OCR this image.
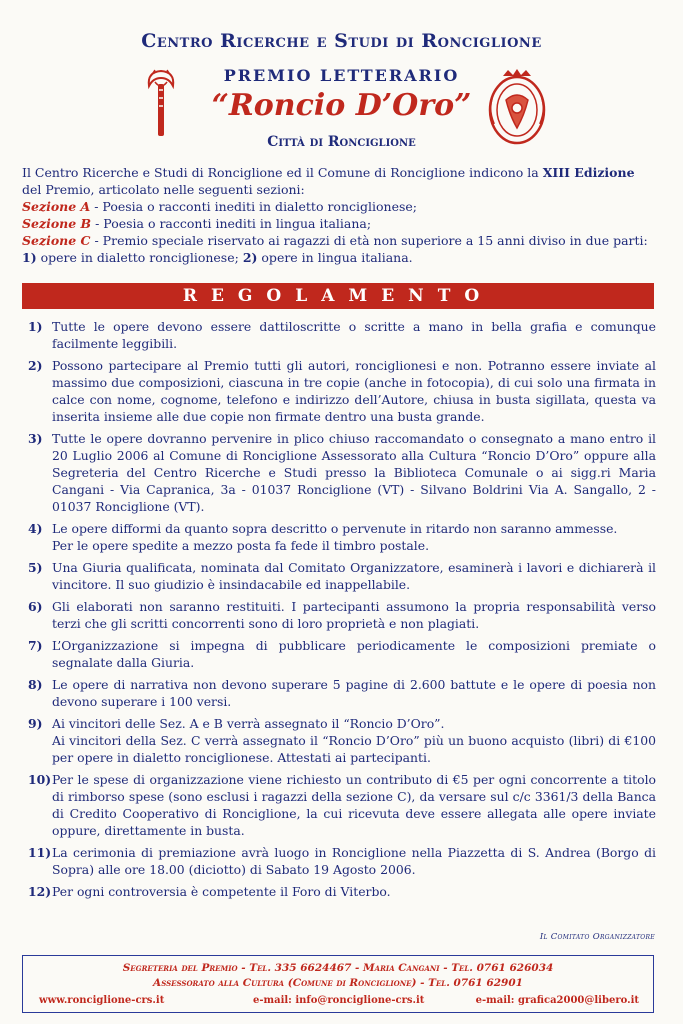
Centro Ricerche e Studi di Ronciglione
PREMIO LETTERARIO
“Roncio D’Oro”
Città di Ronciglione

Il Centro Ricerche e Studi di Ronciglione ed il Comune di Ronciglione indicono la XIII Edizione del Premio, articolato nelle seguenti sezioni:

Sezione A - Poesia o racconti inediti in dialetto ronciglionese;

Sezione B - Poesia o racconti inediti in lingua italiana;

Sezione C - Premio speciale riservato ai ragazzi di età non superiore a 15 anni diviso in due parti:

1) opere in dialetto ronciglionese; 2) opere in lingua italiana.

REGOLAMENTO
1) Tutte le opere devono essere dattiloscritte o scritte a mano in bella grafia e comunque facilmente leggibili.

2) Possono partecipare al Premio tutti gli autori, ronciglionesi e non. Potranno essere inviate al massimo due composizioni, ciascuna in tre copie (anche in fotocopia), di cui solo una firmata in calce con nome, cognome, telefono e indirizzo dell’Autore, chiusa in busta sigillata, questa va inserita insieme alle due copie non firmate dentro una busta grande.

3) Tutte le opere dovranno pervenire in plico chiuso raccomandato o consegnato a mano entro il 20 Luglio 2006 al Comune di Ronciglione Assessorato alla Cultura “Roncio D’Oro” oppure alla Segreteria del Centro Ricerche e Studi presso la Biblioteca Comunale o ai sigg.ri Maria Cangani - Via Capranica, 3a - 01037 Ronciglione (VT) - Silvano Boldrini Via A. Sangallo, 2 - 01037 Ronciglione (VT).

4) Le opere difformi da quanto sopra descritto o pervenute in ritardo non saranno ammesse.

Per le opere spedite a mezzo posta fa fede il timbro postale.

5) Una Giuria qualificata, nominata dal Comitato Organizzatore, esaminerà i lavori e dichiarerà il vincitore. Il suo giudizio è insindacabile ed inappellabile.

6) Gli elaborati non saranno restituiti. I partecipanti assumono la propria responsabilità verso terzi che gli scritti concorrenti sono di loro proprietà e non plagiati.

7) L’Organizzazione si impegna di pubblicare periodicamente le composizioni premiate o segnalate dalla Giuria.

8) Le opere di narrativa non devono superare 5 pagine di 2.600 battute e le opere di poesia non devono superare i 100 versi.

9) Ai vincitori delle Sez. A e B verrà assegnato il “Roncio D’Oro”.

Ai vincitori della Sez. C verrà assegnato il “Roncio D’Oro” più un buono acquisto (libri) di €100 per opere in dialetto ronciglionese. Attestati ai partecipanti.

10) Per le spese di organizzazione viene richiesto un contributo di €5 per ogni concorrente a titolo di rimborso spese (sono esclusi i ragazzi della sezione C), da versare sul c/c 3361/3 della Banca di Credito Cooperativo di Ronciglione, la cui ricevuta deve essere allegata alle opere inviate oppure, direttamente in busta.

11) La cerimonia di premiazione avrà luogo in Ronciglione nella Piazzetta di S. Andrea (Borgo di Sopra) alle ore 18.00 (diciotto) di Sabato 19 Agosto 2006.

12) Per ogni controversia è competente il Foro di Viterbo.

Il Comitato Organizzatore
Segreteria del Premio - Tel. 335 6624467 - Maria Cangani - Tel. 0761 626034
Assessorato alla Cultura (Comune di Ronciglione) - Tel. 0761 62901
www.ronciglione-crs.it	e-mail: info@ronciglione-crs.it	e-mail: grafica2000@libero.it
